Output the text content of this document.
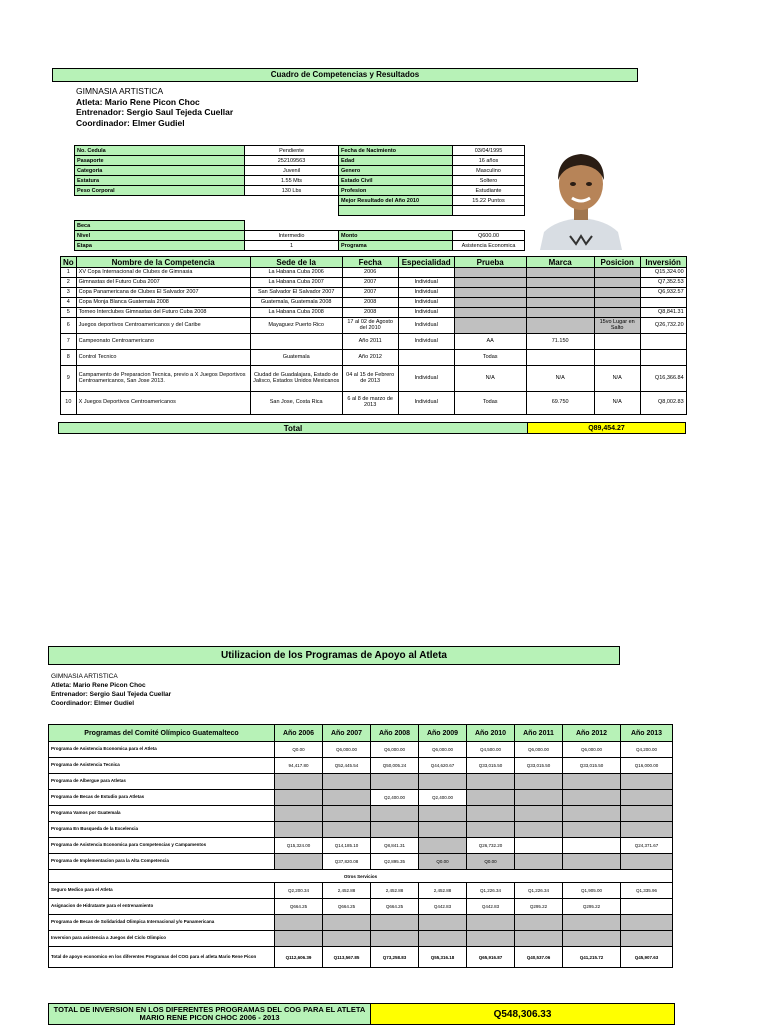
Cuadro de Competencias y Resultados
GIMNASIA ARTISTICA
Atleta: Mario Rene Picon Choc
Entrenador: Sergio Saul Tejeda Cuellar
Coordinador: Elmer Gudiel
No. Cedula	Pendiente	Fecha de Nacimiento	03/04/1995
Pasaporte	252109563	Edad	16 años
Categoria	Juvenil	Genero	Masculino
Estatura	1.55 Mts	Estado Civil	Soltero
Peso Corporal	130 Lbs	Profesion	Estudiante
		Mejor Resultado del Año 2010	15.22 Puntos

Beca			
Nivel	Intermedio	Monto	Q600.00
Etapa	1	Programa	Asistencia Economica
No	Nombre de la Competencia	Sede de la	Fecha	Especialidad	Prueba	Marca	Posicion	Inversión
1	XV Copa Internacional de Clubes de Gimnasia	La Habana Cuba 2006	2006					Q15,324.00
2	Gimnastas del Futuro Cuba 2007	La Habana Cuba 2007	2007	Individual				Q7,352.53
3	Copa Panamericana de Clubes El Salvador 2007	San Salvador El Salvador 2007	2007	Individual				Q6,932.57
4	Copa Monja Blanca Guatemala 2008	Guatemala, Guatemala 2008	2008	Individual				
5	Torneo Interclubes Gimnastas del Futuro Cuba 2008	La Habana Cuba 2008	2008	Individual				Q8,841.31
6	Juegos deportivos Centroamericanos y del Caribe	Mayaguez Puerto Rico	17 al 02 de Agosto del 2010	Individual			15vo Lugar en Salto	Q26,732.20
7	Campeonato Centroamericano		Año 2011	Individual	AA	71.150		
8	Control Tecnico	Guatemala	Año 2012		Todas			
9	Campamento de Preparacion Tecnica, previo a X Juegos Deportivos Centroamericanos, San Jose 2013.	Ciudad de Guadalajara, Estado de Jalisco, Estados Unidos Mexicanos	04 al 15 de Febrero de 2013	Individual	N/A	N/A	N/A	Q16,366.84
10	X Juegos Deportivos Centroamericanos	San Jose, Costa Rica	6 al 8 de marzo de 2013	Individual	Todas	69.750	N/A	Q8,002.83
Total	Q89,454.27
Utilizacion de los Programas de Apoyo al Atleta
GIMNASIA ARTISTICA
Atleta: Mario Rene Picon Choc
Entrenador: Sergio Saul Tejeda Cuellar
Coordinador: Elmer Gudiel
Programas del Comité Olímpico Guatemalteco	Año 2006	Año 2007	Año 2008	Año 2009	Año 2010	Año 2011	Año 2012	Año 2013
Programa de Asistencia Economica para el Atleta	Q0.00	Q6,000.00	Q6,000.00	Q6,000.00	Q4,500.00	Q6,000.00	Q6,000.00	Q4,200.00
Programa de Asistencia Tecnica	94,417.80	Q52,445.54	Q50,005.24	Q44,620.67	Q33,015.50	Q33,015.50	Q33,015.50	Q16,000.00
Programa de Albergue para Atletas								
Programa de Becas de Estudio para Atletas			Q2,400.00	Q2,400.00				
Programa Vamos por Guatemala								
Programa En Busqueda de la Excelencia								
Programa de Asistencia Economica para Competencias y Campamentos	Q15,324.00	Q14,185.10	Q8,841.31		Q26,732.20			Q24,371.67
Programa de Implementacion para la Alta Competencia		Q37,820.08	Q2,895.35	Q0.00	Q0.00			
Otros Servicios								
Seguro Medico para el Atleta	Q2,200.34	2,452.88	2,452.88	2,452.88	Q1,226.34	Q1,226.34	Q1,905.00	Q1,335.96
Asignacion de Hidratante para el entrenamiento	Q664.25	Q664.25	Q664.25	Q442.83	Q442.83	Q295.22	Q295.22	
Programa de Becas de Solidaridad Olimpica Internacional y/o Panamericana								
Inversion para asistencia a Juegos del Ciclo Olimpico								
Total de apoyo economico en los diferentes Programas del COG para el atleta Mario Rene Picon	Q112,606.39	Q113,567.85	Q73,258.83	Q55,316.18	Q65,916.87	Q40,537.06	Q41,215.72	Q45,907.63
TOTAL DE INVERSION EN LOS DIFERENTES PROGRAMAS DEL COG PARA EL ATLETA MARIO RENE PICON CHOC 2006 - 2013	Q548,306.33
